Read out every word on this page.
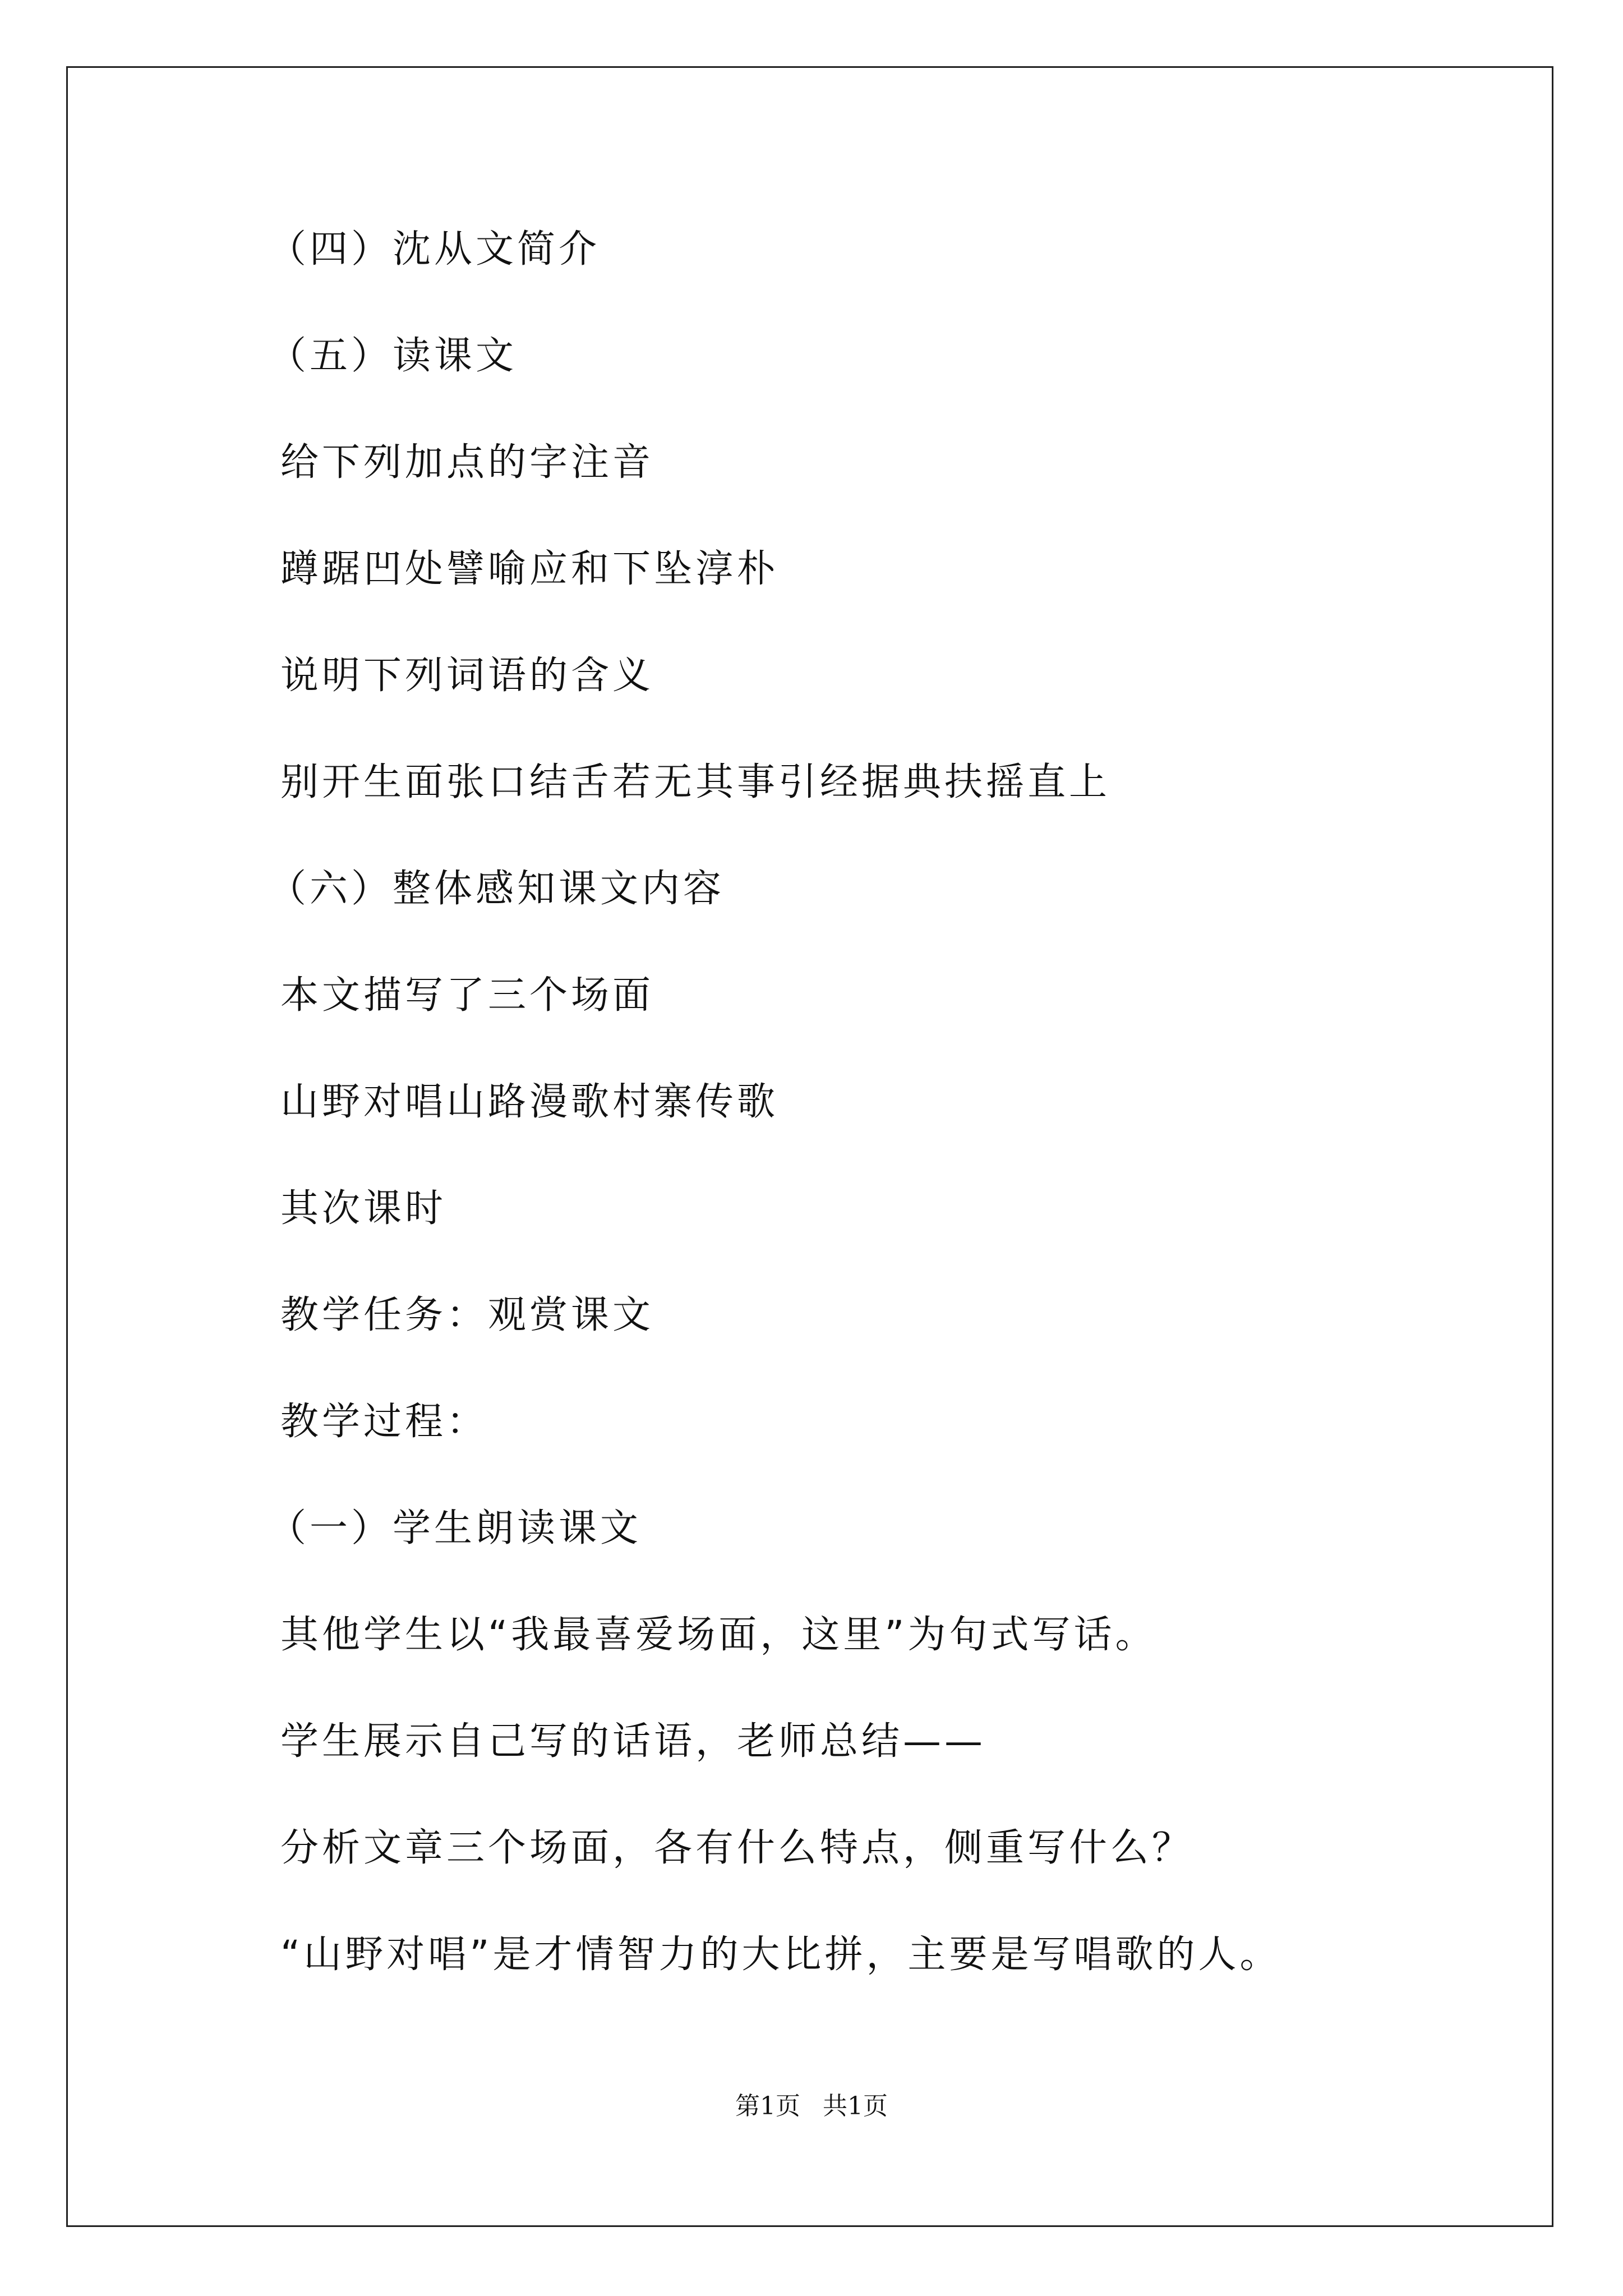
（四）沈从文简介
（五）读课文
给下列加点的字注音
蹲踞凹处譬喻应和下坠淳朴
说明下列词语的含义
别开生面张口结舌若无其事引经据典扶摇直上
（六）整体感知课文内容
本文描写了三个场面
山野对唱山路漫歌村寨传歌
其次课时
教学任务：观赏课文
教学过程：
（一）学生朗读课文
其他学生以“我最喜爱场面，这里”为句式写话。
学生展示自己写的话语，老师总结——
分析文章三个场面，各有什么特点，侧重写什么？
“山野对唱”是才情智力的大比拼，主要是写唱歌的人。
第1页 共1页
